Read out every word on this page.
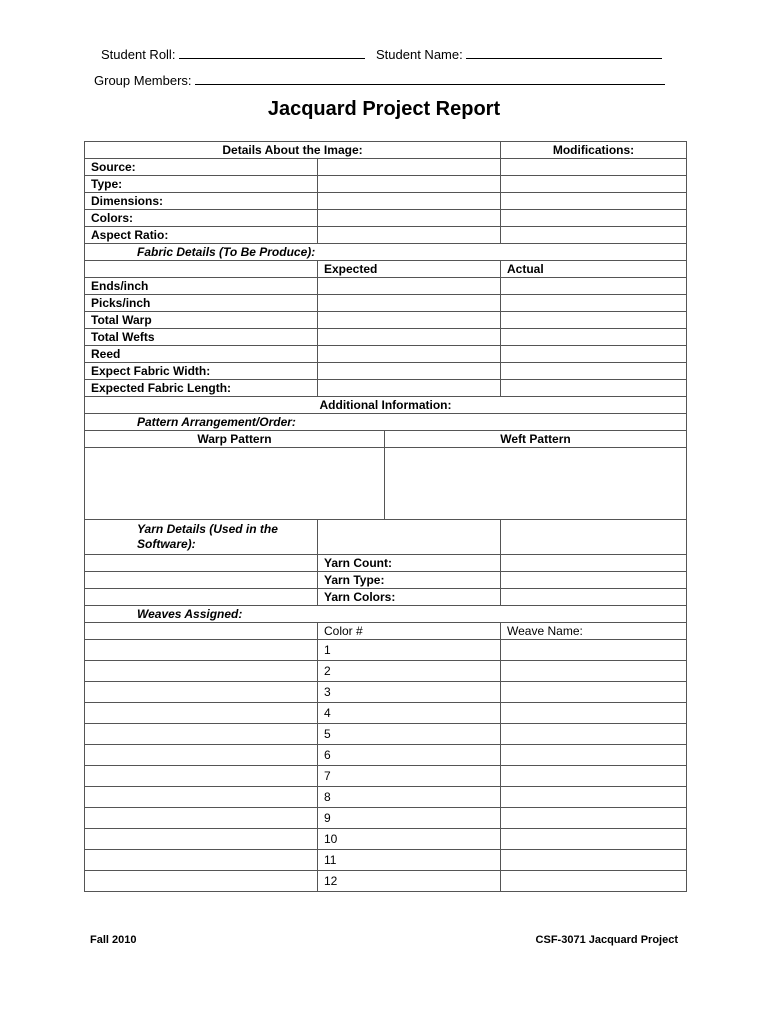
Student Roll:	Student Name:
Group Members:
Jacquard Project Report
Details About the Image:			Modifications:
Source:			
Type:			
Dimensions:			
Colors:			
Aspect Ratio:			
Fabric Details (To Be Produce):			
	Expected		Actual
Ends/inch			
Picks/inch			
Total Warp			
Total Wefts			
Reed			
Expect Fabric Width:			
Expected Fabric Length:			
Additional Information:			
Pattern Arrangement/Order:			
Warp Pattern		Weft Pattern	

Yarn Details (Used in the Software):			
	Yarn Count:		
	Yarn Type:		
	Yarn Colors:		
Weaves Assigned:			
	Color #		Weave Name:
	1		
	2		
	3		
	4		
	5		
	6		
	7		
	8		
	9		
	10		
	11		
	12		
Fall 2010	CSF-3071 Jacquard Project
